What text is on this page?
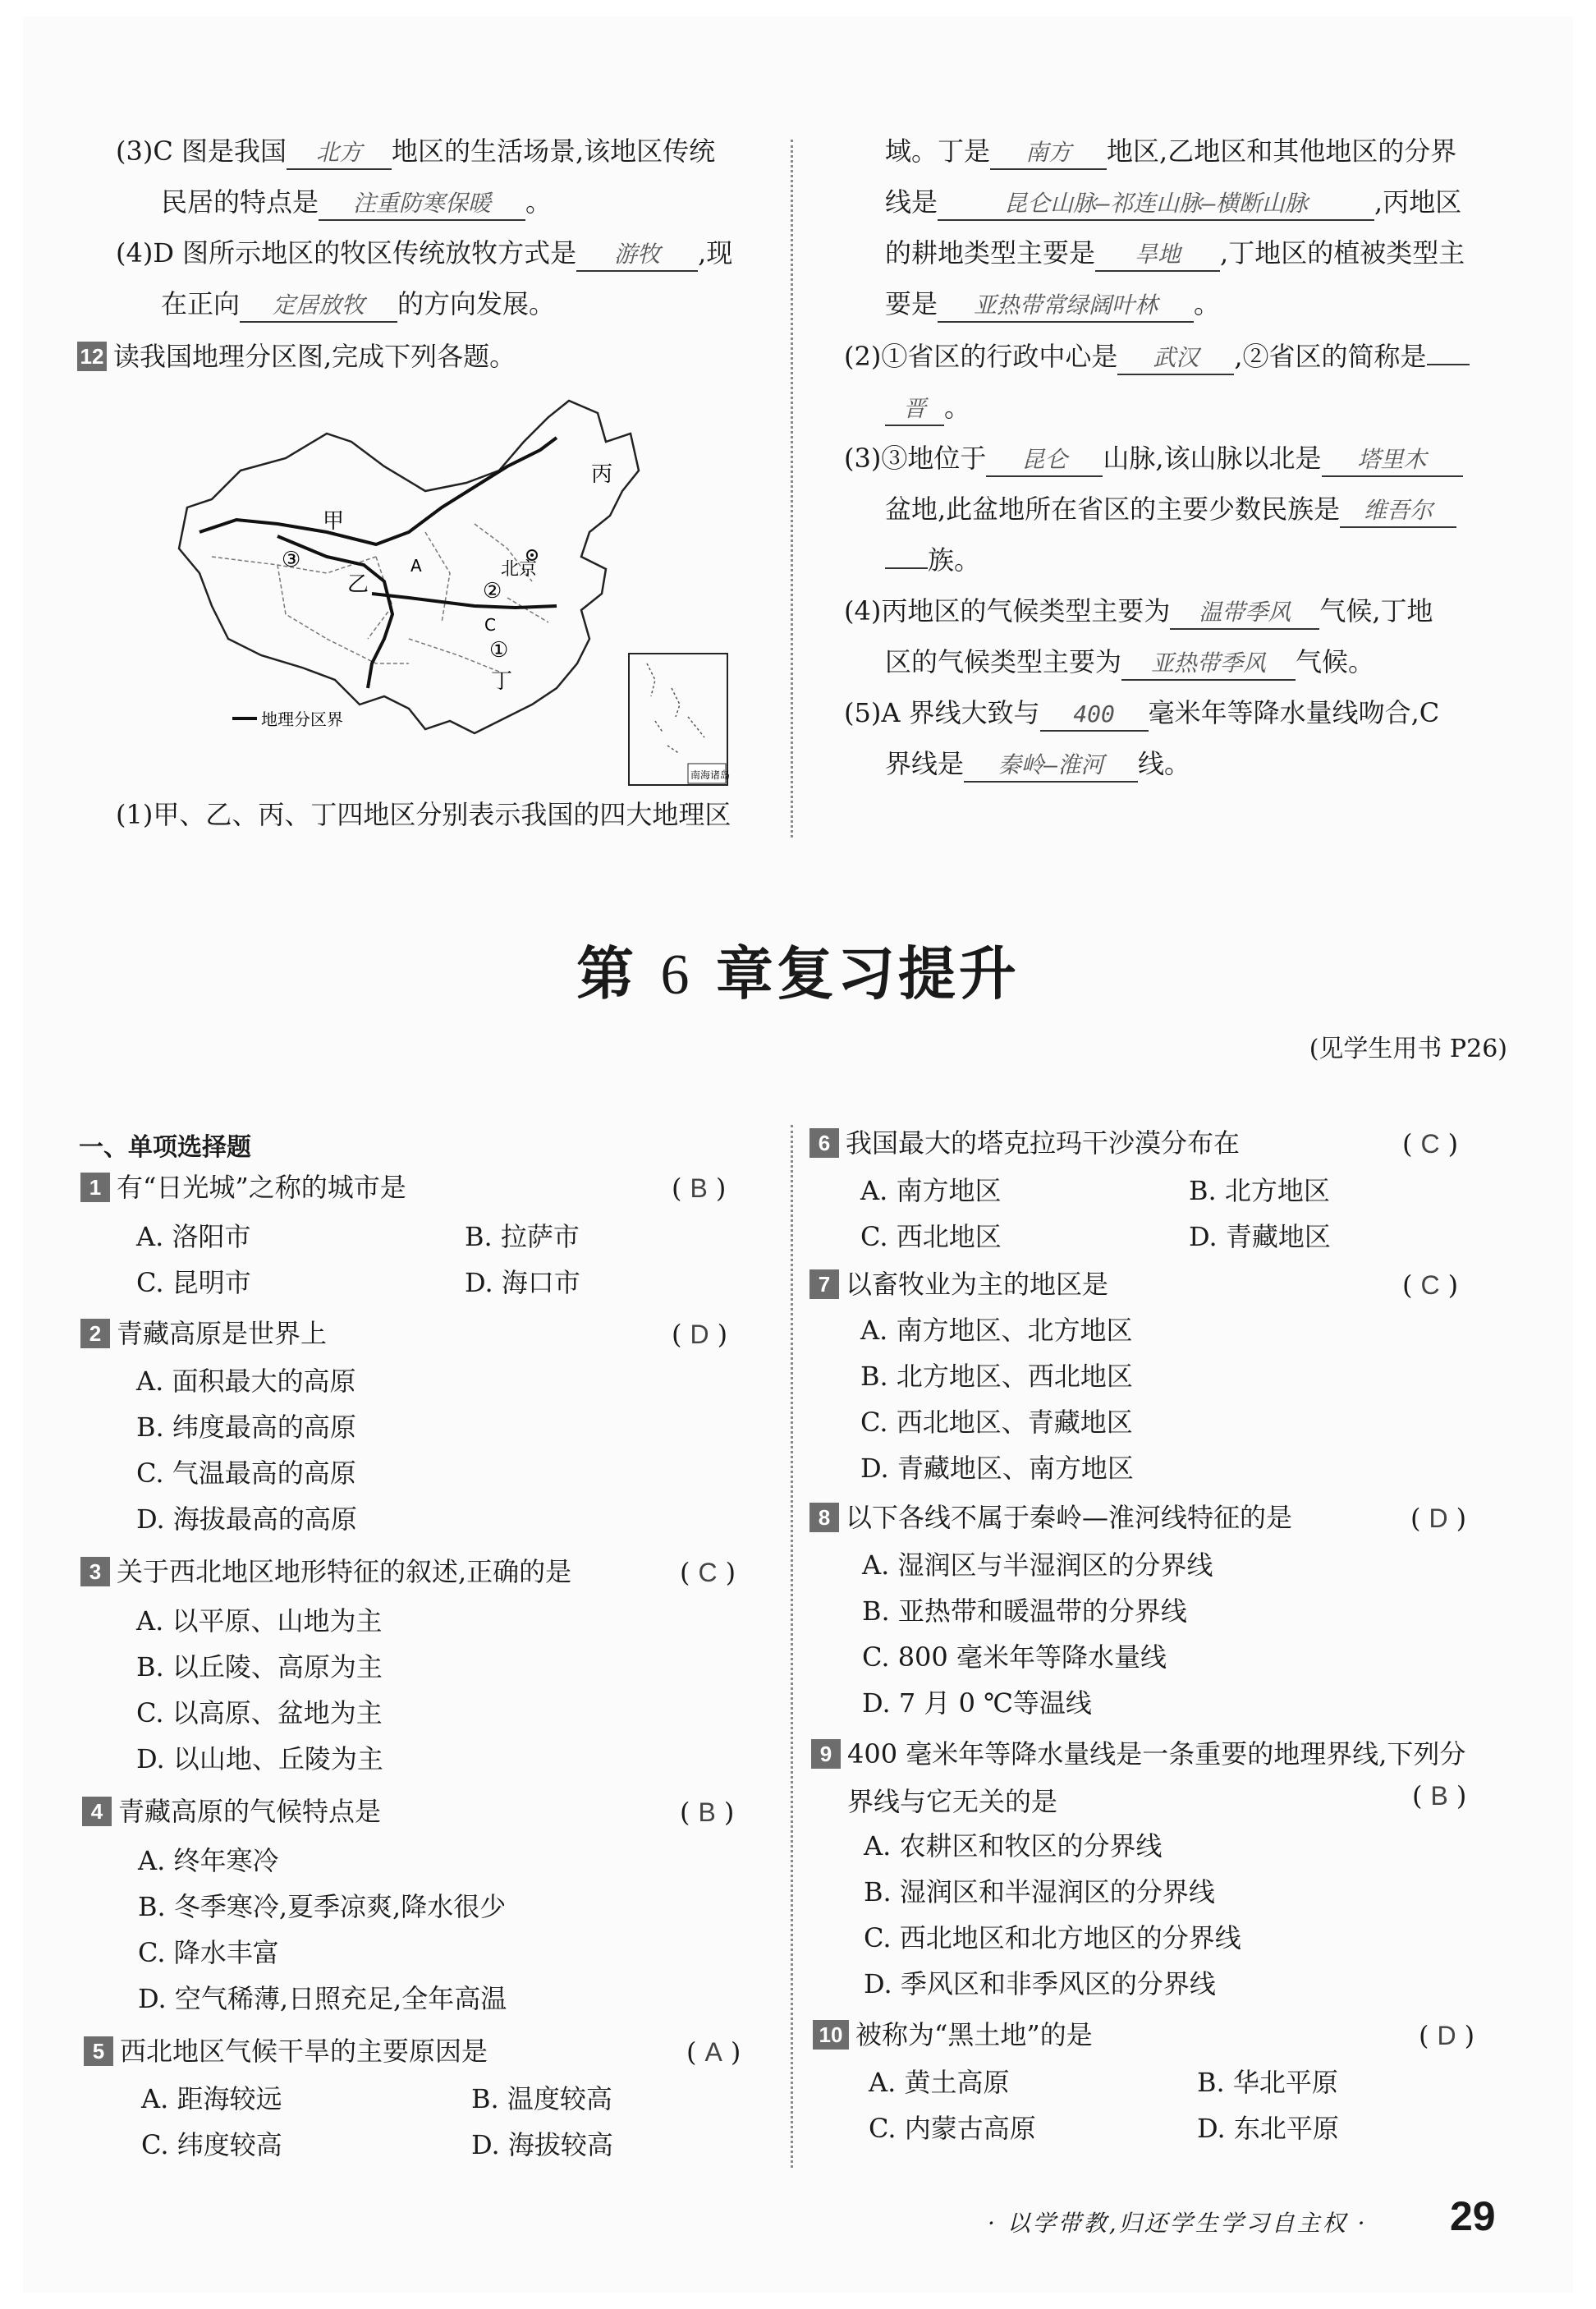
(3)C 图是我国 北方 地区的生活场景,该地区传统
民居的特点是 注重防寒保暖 。
(4)D 图所示地区的牧区传统放牧方式是 游牧 ,现
在正向 定居放牧 的方向发展。
12 读我国地理分区图,完成下列各题。
甲
乙
丙
丁
北京
③
②
①
A
C
地理分区界
南海诸岛
(1)甲、乙、丙、丁四地区分别表示我国的四大地理区
域。丁是 南方 地区,乙地区和其他地区的分界
线是	昆仑山脉—祁连山脉—横断山脉	,丙地区
的耕地类型主要是 旱地 ,丁地区的植被类型主
要是 亚热带常绿阔叶林 。
(2)①省区的行政中心是 武汉 ,②省区的简称是
晋 。
(3)③地位于 昆仑 山脉,该山脉以北是 塔里木
盆地,此盆地所在省区的主要少数民族是 维吾尔
族。
(4)丙地区的气候类型主要为 温带季风 气候,丁地
区的气候类型主要为 亚热带季风 气候。
(5)A 界线大致与 400 毫米年等降水量线吻合,C
界线是 秦岭—淮河 线。
第 6 章复习提升
(见学生用书 P26)
一、单项选择题
1 有“日光城”之称的城市是	( B )
A. 洛阳市	B. 拉萨市
C. 昆明市	D. 海口市
2 青藏高原是世界上	( D )
A. 面积最大的高原
B. 纬度最高的高原
C. 气温最高的高原
D. 海拔最高的高原
3 关于西北地区地形特征的叙述,正确的是	( C )
A. 以平原、山地为主
B. 以丘陵、高原为主
C. 以高原、盆地为主
D. 以山地、丘陵为主
4 青藏高原的气候特点是	( B )
A. 终年寒冷
B. 冬季寒冷,夏季凉爽,降水很少
C. 降水丰富
D. 空气稀薄,日照充足,全年高温
5 西北地区气候干旱的主要原因是	( A )
A. 距海较远	B. 温度较高
C. 纬度较高	D. 海拔较高
6 我国最大的塔克拉玛干沙漠分布在	( C )
A. 南方地区	B. 北方地区
C. 西北地区	D. 青藏地区
7 以畜牧业为主的地区是	( C )
A. 南方地区、北方地区
B. 北方地区、西北地区
C. 西北地区、青藏地区
D. 青藏地区、南方地区
8 以下各线不属于秦岭—淮河线特征的是	( D )
A. 湿润区与半湿润区的分界线
B. 亚热带和暖温带的分界线
C. 800 毫米年等降水量线
D. 7 月 0 ℃等温线
9 400 毫米年等降水量线是一条重要的地理界线,下列分
界线与它无关的是	( B )
A. 农耕区和牧区的分界线
B. 湿润区和半湿润区的分界线
C. 西北地区和北方地区的分界线
D. 季风区和非季风区的分界线
10 被称为“黑土地”的是	( D )
A. 黄土高原	B. 华北平原
C. 内蒙古高原	D. 东北平原
· 以学带教,归还学生学习自主权 · 29
